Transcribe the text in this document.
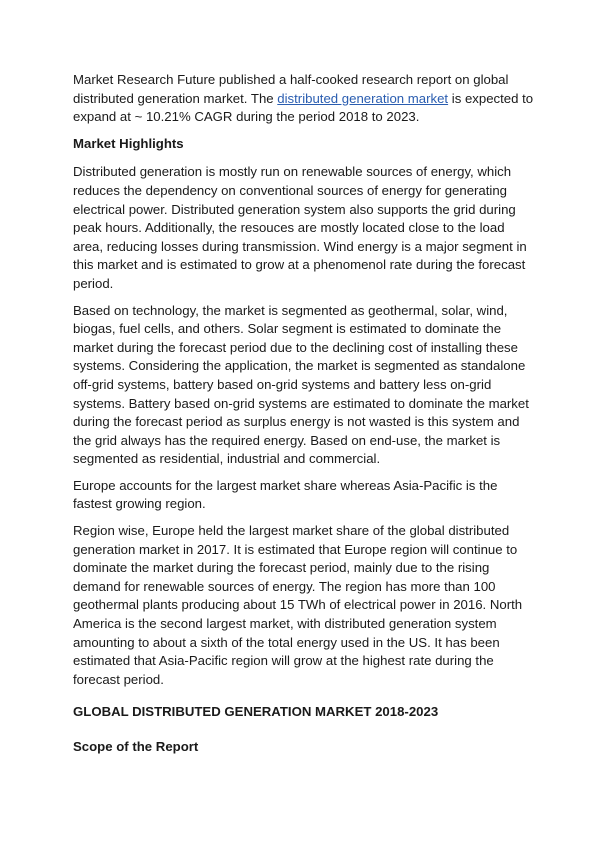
Market Research Future published a half-cooked research report on global distributed generation market. The distributed generation market is expected to expand at ~ 10.21% CAGR during the period 2018 to 2023.

Market Highlights

Distributed generation is mostly run on renewable sources of energy, which reduces the dependency on conventional sources of energy for generating electrical power. Distributed generation system also supports the grid during peak hours. Additionally, the resouces are mostly located close to the load area, reducing losses during transmission. Wind energy is a major segment in this market and is estimated to grow at a phenomenol rate during the forecast period.

Based on technology, the market is segmented as geothermal, solar, wind, biogas, fuel cells, and others. Solar segment is estimated to dominate the market during the forecast period due to the declining cost of installing these systems. Considering the application, the market is segmented as standalone off-grid systems, battery based on-grid systems and battery less on-grid systems. Battery based on-grid systems are estimated to dominate the market during the forecast period as surplus energy is not wasted is this system and the grid always has the required energy. Based on end-use, the market is segmented as residential, industrial and commercial.

Europe accounts for the largest market share whereas Asia-Pacific is the fastest growing region.

Region wise, Europe held the largest market share of the global distributed generation market in 2017. It is estimated that Europe region will continue to dominate the market during the forecast period, mainly due to the rising demand for renewable sources of energy. The region has more than 100 geothermal plants producing about 15 TWh of electrical power in 2016. North America is the second largest market, with distributed generation system amounting to about a sixth of the total energy used in the US. It has been estimated that Asia-Pacific region will grow at the highest rate during the forecast period.

GLOBAL DISTRIBUTED GENERATION MARKET 2018-2023
Scope of the Report
